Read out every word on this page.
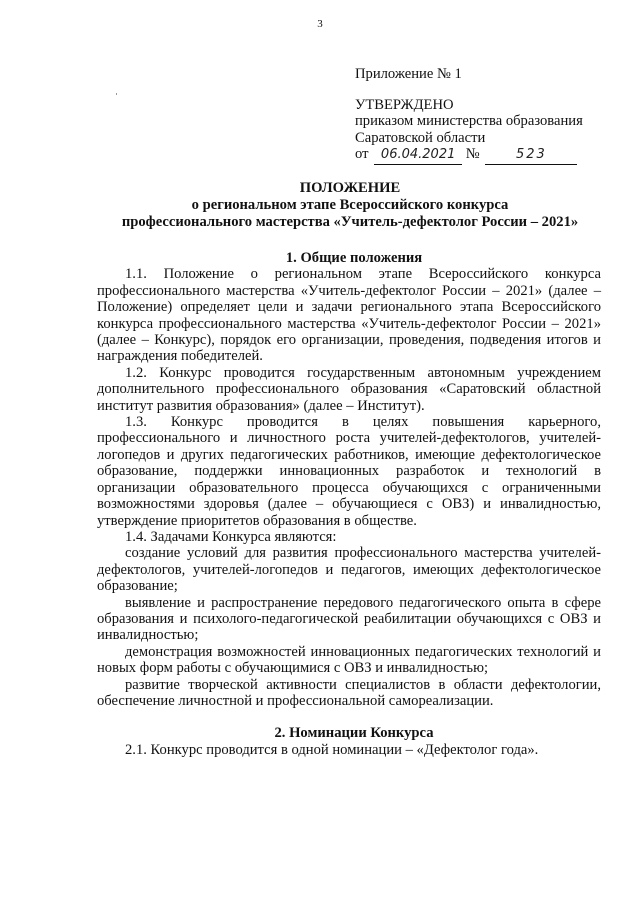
3
Приложение № 1
УТВЕРЖДЕНО
приказом министерства образования
Саратовской области
от 06.04.2021 №	523
ПОЛОЖЕНИЕ
о региональном этапе Всероссийского конкурса
профессионального мастерства «Учитель-дефектолог России – 2021»
1. Общие положения

1.1. Положение о региональном этапе Всероссийского конкурса профессионального мастерства «Учитель-дефектолог России – 2021» (далее – Положение) определяет цели и задачи регионального этапа Всероссийского конкурса профессионального мастерства «Учитель-дефектолог России – 2021» (далее – Конкурс), порядок его организации, проведения, подведения итогов и награждения победителей.

1.2. Конкурс проводится государственным автономным учреждением дополнительного профессионального образования «Саратовский областной институт развития образования» (далее – Институт).

1.3. Конкурс проводится в целях повышения карьерного, профессионального и личностного роста учителей-дефектологов, учителей-логопедов и других педагогических работников, имеющие дефектологическое образование, поддержки инновационных разработок и технологий в организации образовательного процесса обучающихся с ограниченными возможностями здоровья (далее – обучающиеся с ОВЗ) и инвалидностью, утверждение приоритетов образования в обществе.

1.4. Задачами Конкурса являются:

создание условий для развития профессионального мастерства учителей-дефектологов, учителей-логопедов и педагогов, имеющих дефектологическое образование;

выявление и распространение передового педагогического опыта в сфере образования и психолого-педагогической реабилитации обучающихся с ОВЗ и инвалидностью;

демонстрация возможностей инновационных педагогических технологий и новых форм работы с обучающимися с ОВЗ и инвалидностью;

развитие творческой активности специалистов в области дефектологии, обеспечение личностной и профессиональной самореализации.

2. Номинации Конкурса

2.1. Конкурс проводится в одной номинации – «Дефектолог года».
